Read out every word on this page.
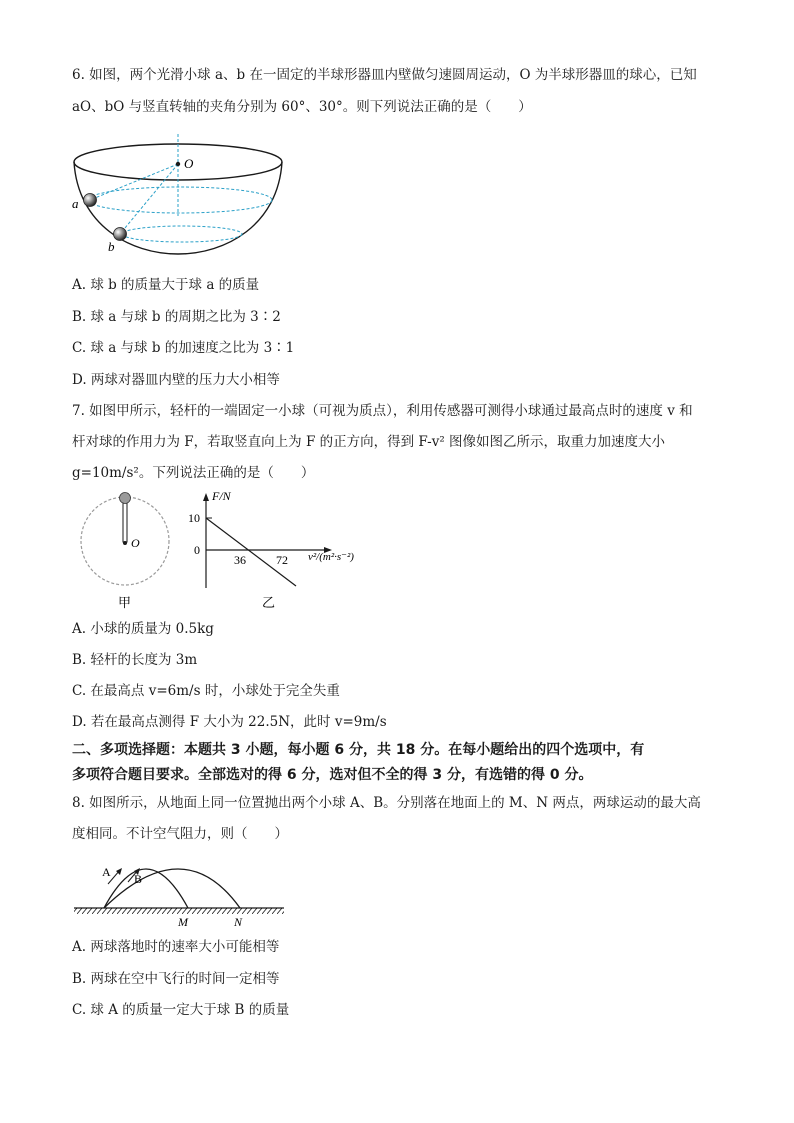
6. 如图，两个光滑小球 a、b 在一固定的半球形器皿内壁做匀速圆周运动，O 为半球形器皿的球心，已知
aO、bO 与竖直转轴的夹角分别为 60°、30°。则下列说法正确的是（　　）
O
a
b
A. 球 b 的质量大于球 a 的质量
B. 球 a 与球 b 的周期之比为 3∶2
C. 球 a 与球 b 的加速度之比为 3∶1
D. 两球对器皿内壁的压力大小相等
7. 如图甲所示，轻杆的一端固定一小球（可视为质点），利用传感器可测得小球通过最高点时的速度 v 和
杆对球的作用力为 F，若取竖直向上为 F 的正方向，得到 F-v² 图像如图乙所示，取重力加速度大小
g=10m/s²。下列说法正确的是（　　）
O
甲
F/N
10
0
36	72 v²/(m²·s⁻²)
乙
A. 小球的质量为 0.5kg
B. 轻杆的长度为 3m
C. 在最高点 v=6m/s 时，小球处于完全失重
D. 若在最高点测得 F 大小为 22.5N，此时 v=9m/s
二、多项选择题：本题共 3 小题，每小题 6 分，共 18 分。在每小题给出的四个选项中，有
多项符合题目要求。全部选对的得 6 分，选对但不全的得 3 分，有选错的得 0 分。
8. 如图所示，从地面上同一位置抛出两个小球 A、B。分别落在地面上的 M、N 两点，两球运动的最大高
度相同。不计空气阻力，则（　　）
A B
M	N
A. 两球落地时的速率大小可能相等
B. 两球在空中飞行的时间一定相等
C. 球 A 的质量一定大于球 B 的质量
